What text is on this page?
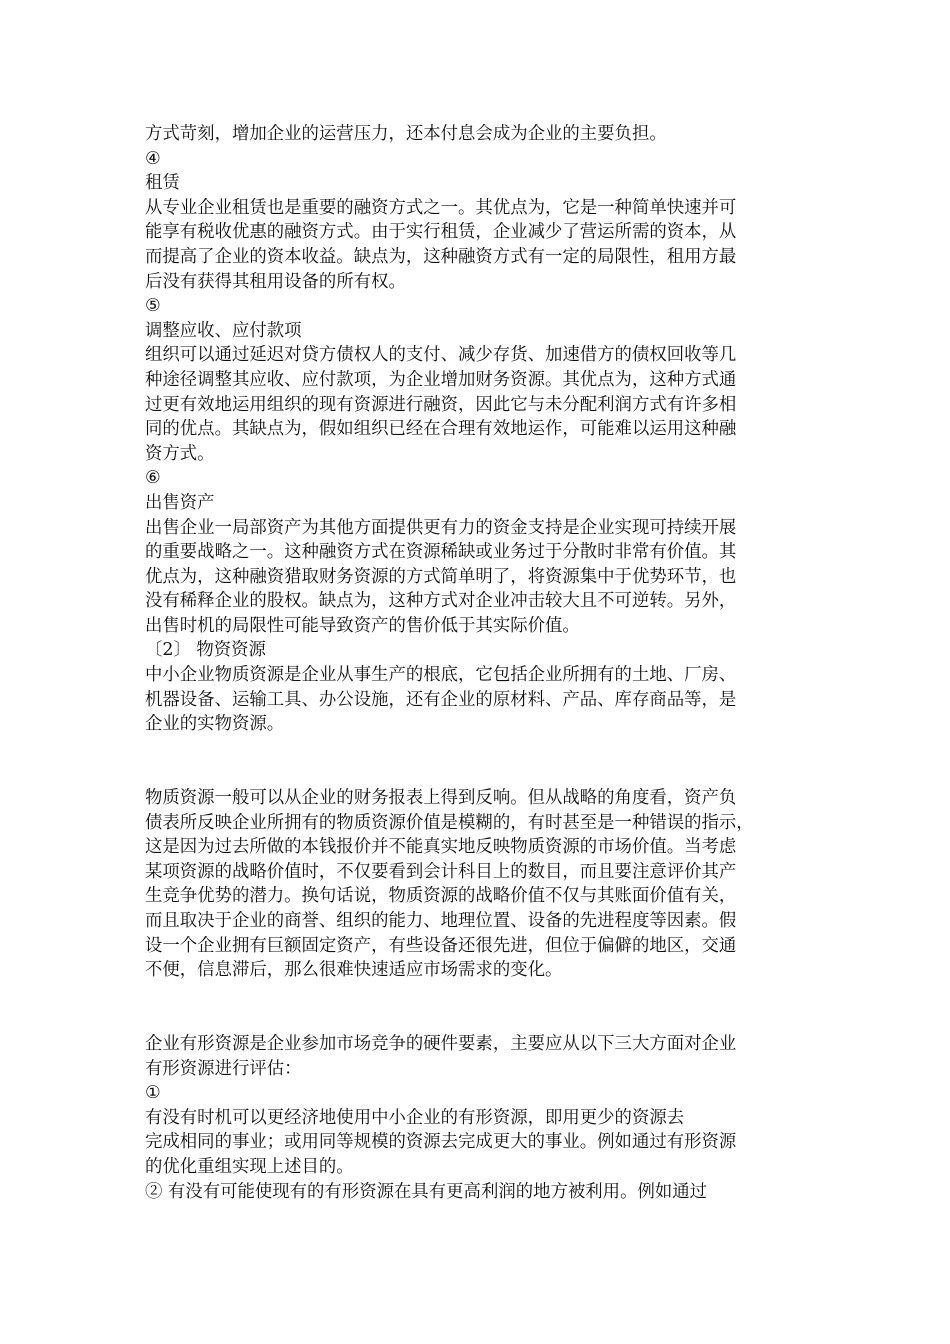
方式苛刻，增加企业的运营压力，还本付息会成为企业的主要负担。
④
租赁
从专业企业租赁也是重要的融资方式之一。其优点为，它是一种简单快速并可
能享有税收优惠的融资方式。由于实行租赁，企业减少了营运所需的资本，从
而提高了企业的资本收益。缺点为，这种融资方式有一定的局限性，租用方最
后没有获得其租用设备的所有权。
⑤
调整应收、应付款项
组织可以通过延迟对贷方债权人的支付、减少存货、加速借方的债权回收等几
种途径调整其应收、应付款项，为企业增加财务资源。其优点为，这种方式通
过更有效地运用组织的现有资源进行融资，因此它与未分配利润方式有许多相
同的优点。其缺点为，假如组织已经在合理有效地运作，可能难以运用这种融
资方式。
⑥
出售资产
出售企业一局部资产为其他方面提供更有力的资金支持是企业实现可持续开展
的重要战略之一。这种融资方式在资源稀缺或业务过于分散时非常有价值。其
优点为，这种融资猎取财务资源的方式简单明了，将资源集中于优势环节，也
没有稀释企业的股权。缺点为，这种方式对企业冲击较大且不可逆转。另外，
出售时机的局限性可能导致资产的售价低于其实际价值。
〔2〕 物资资源
中小企业物质资源是企业从事生产的根底，它包括企业所拥有的土地、厂房、
机器设备、运输工具、办公设施，还有企业的原材料、产品、库存商品等，是
企业的实物资源。
物质资源一般可以从企业的财务报表上得到反响。但从战略的角度看，资产负
债表所反映企业所拥有的物质资源价值是模糊的，有时甚至是一种错误的指示，
这是因为过去所做的本钱报价并不能真实地反映物质资源的市场价值。当考虑
某项资源的战略价值时，不仅要看到会计科目上的数目，而且要注意评价其产
生竞争优势的潜力。换句话说，物质资源的战略价值不仅与其账面价值有关，
而且取决于企业的商誉、组织的能力、地理位置、设备的先进程度等因素。假
设一个企业拥有巨额固定资产，有些设备还很先进，但位于偏僻的地区，交通
不便，信息滞后，那么很难快速适应市场需求的变化。
企业有形资源是企业参加市场竞争的硬件要素，主要应从以下三大方面对企业
有形资源进行评估：
①
有没有时机可以更经济地使用中小企业的有形资源，即用更少的资源去
完成相同的事业；或用同等规模的资源去完成更大的事业。例如通过有形资源
的优化重组实现上述目的。
② 有没有可能使现有的有形资源在具有更高利润的地方被利用。例如通过
